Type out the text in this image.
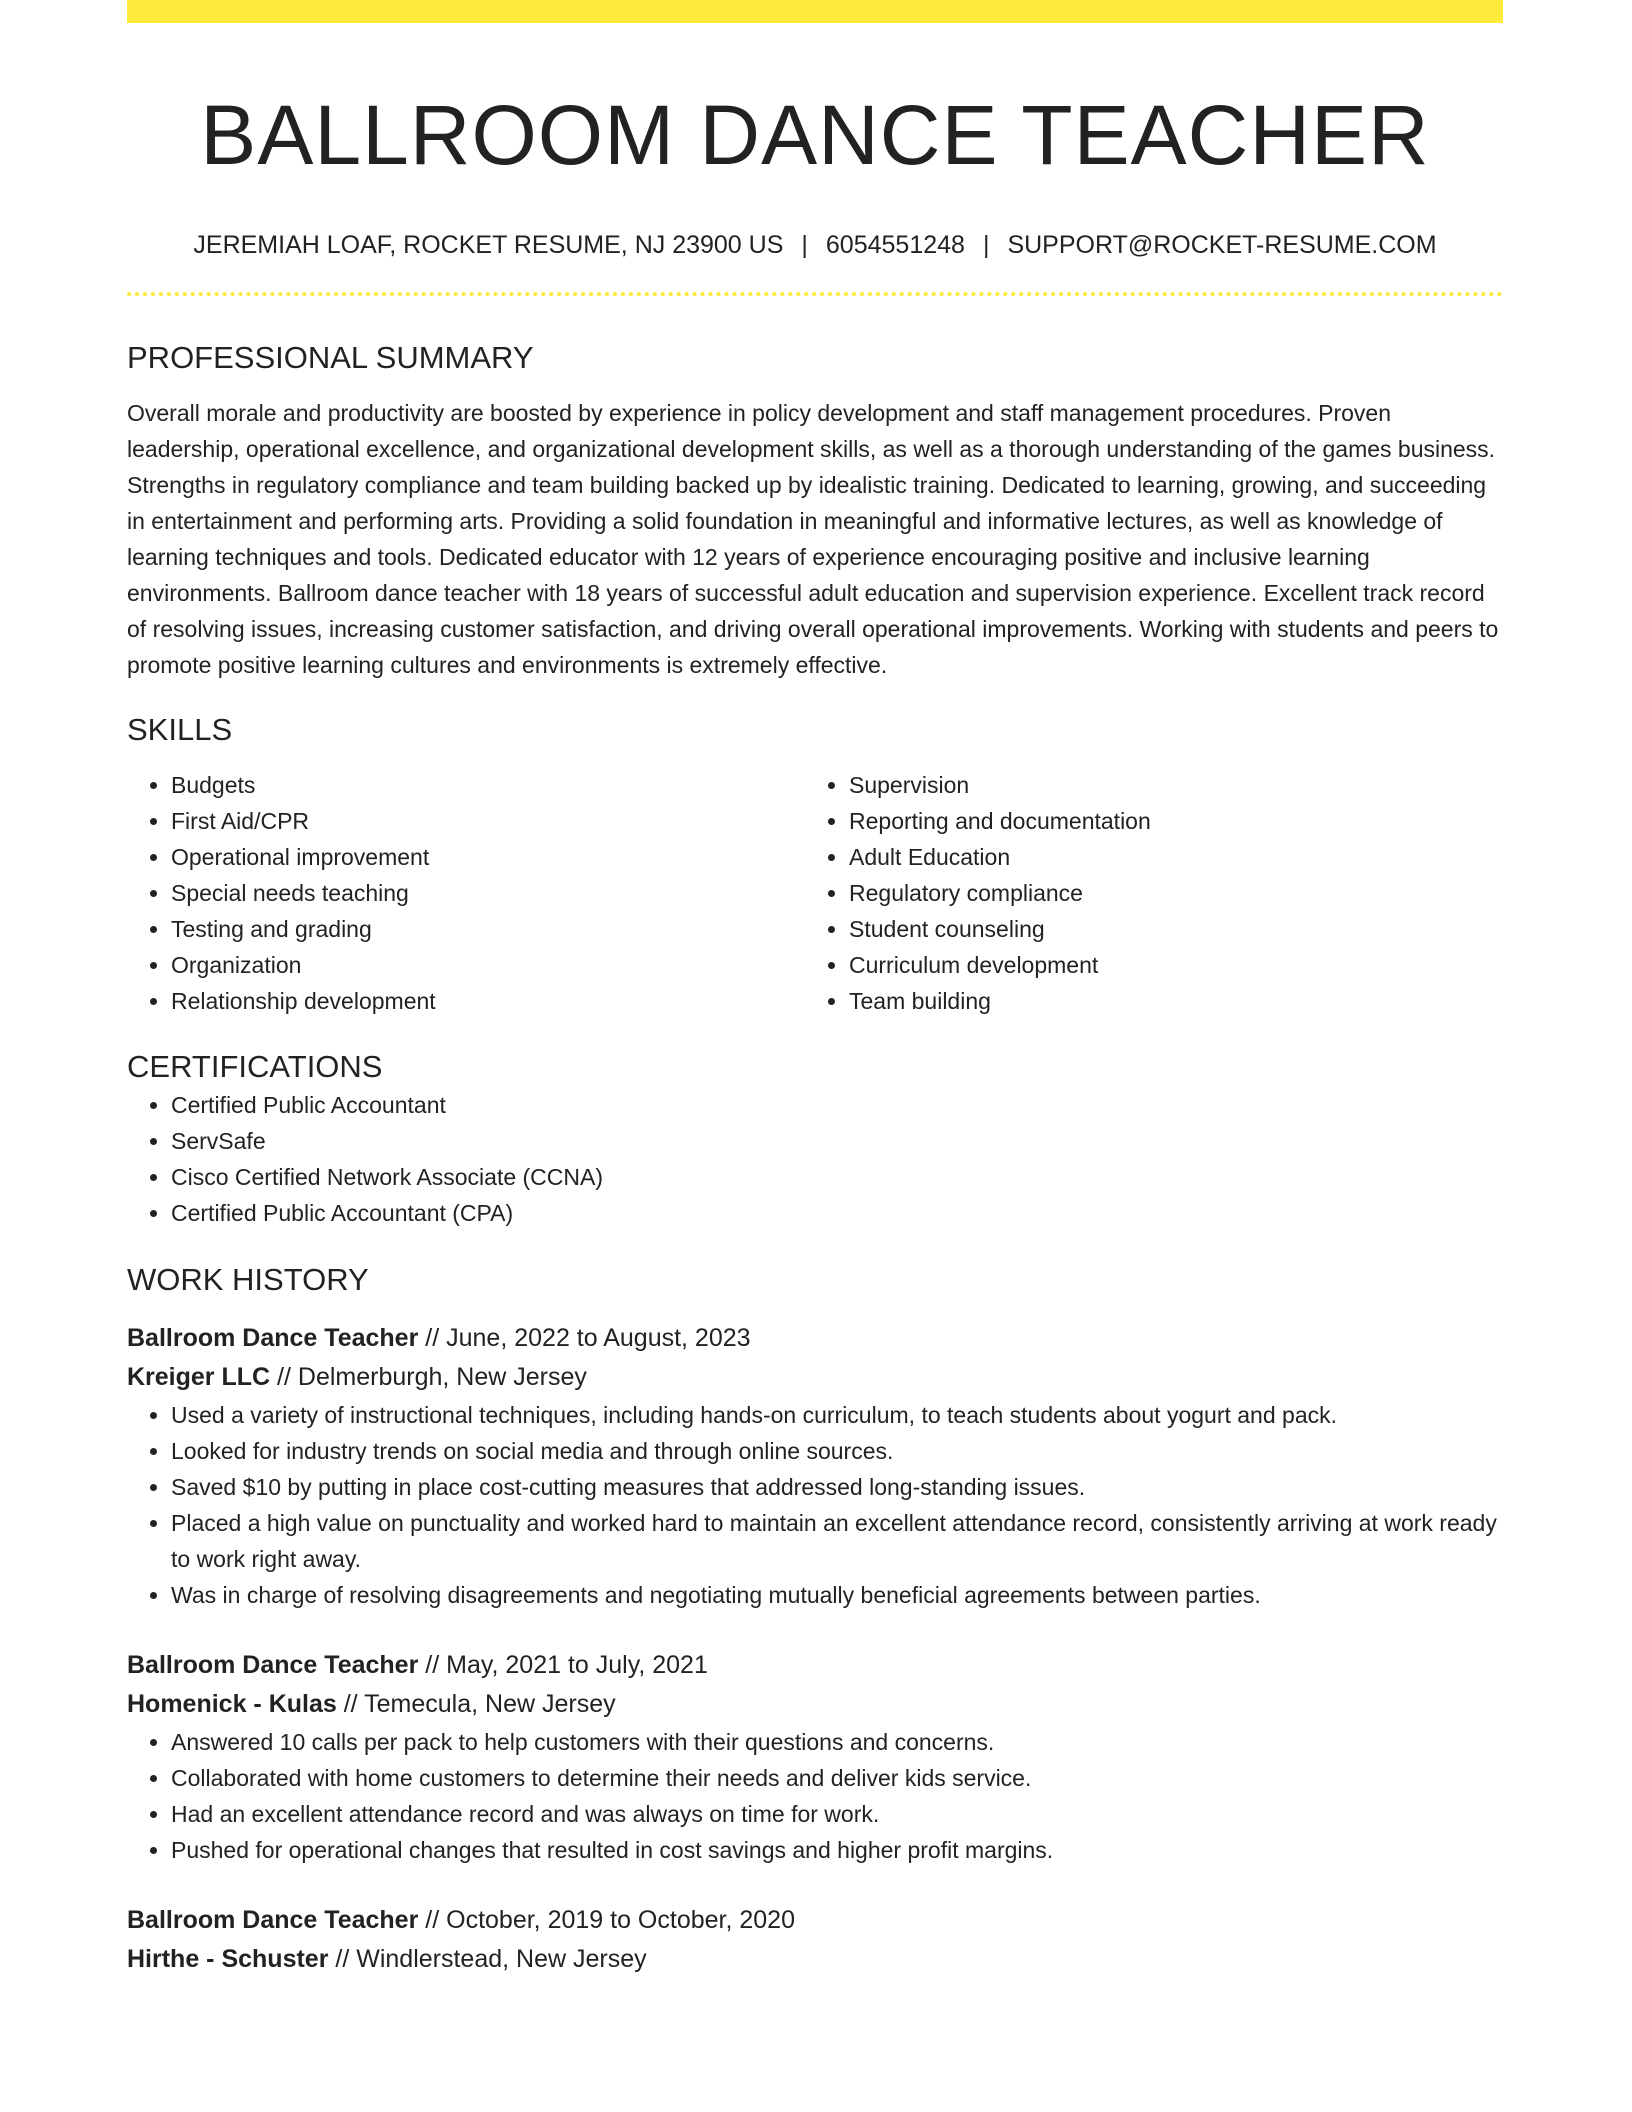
BALLROOM DANCE TEACHER
JEREMIAH LOAF, ROCKET RESUME, NJ 23900 US | 6054551248 | SUPPORT@ROCKET-RESUME.COM
PROFESSIONAL SUMMARY
Overall morale and productivity are boosted by experience in policy development and staff management procedures. Proven leadership, operational excellence, and organizational development skills, as well as a thorough understanding of the games business. Strengths in regulatory compliance and team building backed up by idealistic training. Dedicated to learning, growing, and succeeding in entertainment and performing arts. Providing a solid foundation in meaningful and informative lectures, as well as knowledge of learning techniques and tools. Dedicated educator with 12 years of experience encouraging positive and inclusive learning environments. Ballroom dance teacher with 18 years of successful adult education and supervision experience. Excellent track record of resolving issues, increasing customer satisfaction, and driving overall operational improvements. Working with students and peers to promote positive learning cultures and environments is extremely effective.
SKILLS
• Budgets
• First Aid/CPR
• Operational improvement
• Special needs teaching
• Testing and grading
• Organization
• Relationship development
• Supervision
• Reporting and documentation
• Adult Education
• Regulatory compliance
• Student counseling
• Curriculum development
• Team building
CERTIFICATIONS
• Certified Public Accountant
• ServSafe
• Cisco Certified Network Associate (CCNA)
• Certified Public Accountant (CPA)
WORK HISTORY
Ballroom Dance Teacher // June, 2022 to August, 2023
Kreiger LLC // Delmerburgh, New Jersey
• Used a variety of instructional techniques, including hands-on curriculum, to teach students about yogurt and pack.
• Looked for industry trends on social media and through online sources.
• Saved $10 by putting in place cost-cutting measures that addressed long-standing issues.
• Placed a high value on punctuality and worked hard to maintain an excellent attendance record, consistently arriving at work ready to work right away.
• Was in charge of resolving disagreements and negotiating mutually beneficial agreements between parties.
Ballroom Dance Teacher // May, 2021 to July, 2021
Homenick - Kulas // Temecula, New Jersey
• Answered 10 calls per pack to help customers with their questions and concerns.
• Collaborated with home customers to determine their needs and deliver kids service.
• Had an excellent attendance record and was always on time for work.
• Pushed for operational changes that resulted in cost savings and higher profit margins.
Ballroom Dance Teacher // October, 2019 to October, 2020
Hirthe - Schuster // Windlerstead, New Jersey
